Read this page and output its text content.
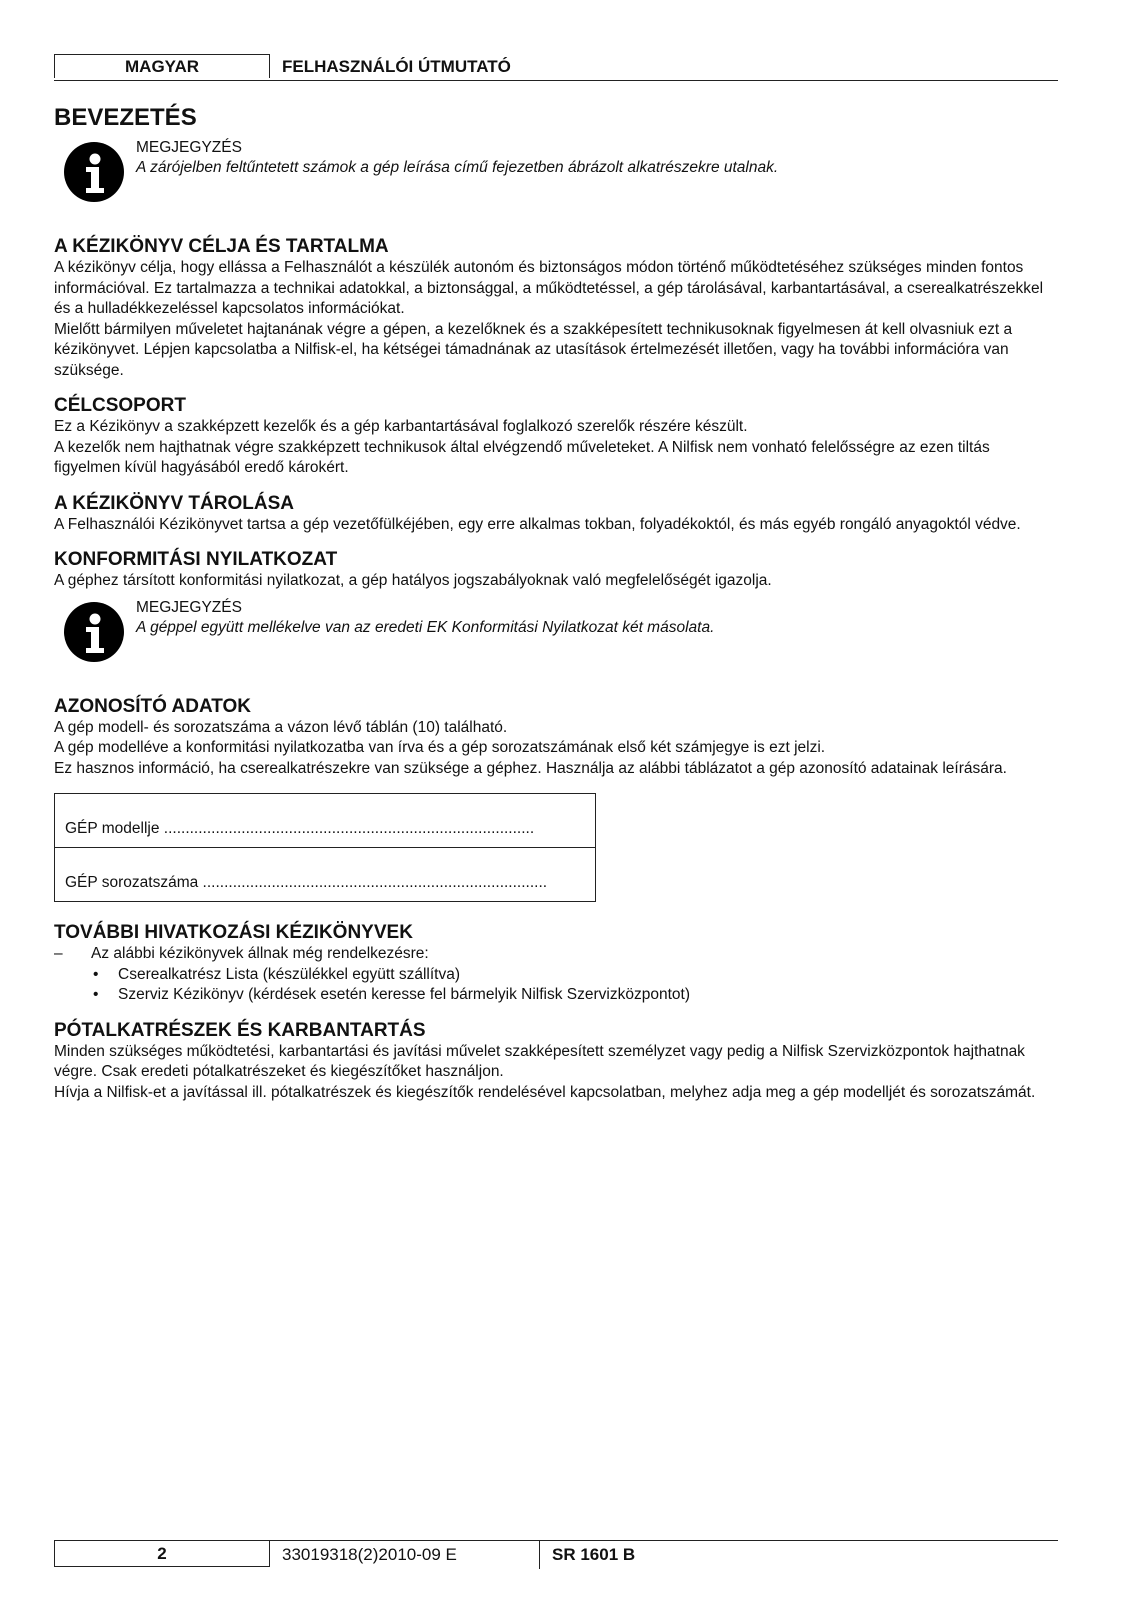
MAGYAR	FELHASZNÁLÓI ÚTMUTATÓ
BEVEZETÉS
MEGJEGYZÉS
A zárójelben feltűntetett számok a gép leírása című fejezetben ábrázolt alkatrészekre utalnak.
A KÉZIKÖNYV CÉLJA ÉS TARTALMA

A kézikönyv célja, hogy ellássa a Felhasználót a készülék autonóm és biztonságos módon történő működtetéséhez szükséges minden fontos információval. Ez tartalmazza a technikai adatokkal, a biztonsággal, a működtetéssel, a gép tárolásával, karbantartásával, a cserealkatrészekkel és a hulladékkezeléssel kapcsolatos információkat.

Mielőtt bármilyen műveletet hajtanának végre a gépen, a kezelőknek és a szakképesített technikusoknak figyelmesen át kell olvasniuk ezt a kézikönyvet. Lépjen kapcsolatba a Nilfisk-el, ha kétségei támadnának az utasítások értelmezését illetően, vagy ha további információra van szüksége.

CÉLCSOPORT

Ez a Kézikönyv a szakképzett kezelők és a gép karbantartásával foglalkozó szerelők részére készült.

A kezelők nem hajthatnak végre szakképzett technikusok által elvégzendő műveleteket. A Nilfisk nem vonható felelősségre az ezen tiltás figyelmen kívül hagyásából eredő károkért.

A KÉZIKÖNYV TÁROLÁSA

A Felhasználói Kézikönyvet tartsa a gép vezetőfülkéjében, egy erre alkalmas tokban, folyadékoktól, és más egyéb rongáló anyagoktól védve.

KONFORMITÁSI NYILATKOZAT

A géphez társított konformitási nyilatkozat, a gép hatályos jogszabályoknak való megfelelőségét igazolja.

MEGJEGYZÉS
A géppel együtt mellékelve van az eredeti EK Konformitási Nyilatkozat két másolata.
AZONOSÍTÓ ADATOK

A gép modell- és sorozatszáma a vázon lévő táblán (10) található.

A gép modelléve a konformitási nyilatkozatba van írva és a gép sorozatszámának első két számjegye is ezt jelzi.

Ez hasznos információ, ha cserealkatrészekre van szüksége a géphez. Használja az alábbi táblázatot a gép azonosító adatainak leírására.

GÉP modellje ......................................................................................
GÉP sorozatszáma ................................................................................
TOVÁBBI HIVATKOZÁSI KÉZIKÖNYVEK
– Az alábbi kézikönyvek állnak még rendelkezésre:
• Cserealkatrész Lista (készülékkel együtt szállítva)
• Szerviz Kézikönyv (kérdések esetén keresse fel bármelyik Nilfisk Szervizközpontot)
PÓTALKATRÉSZEK ÉS KARBANTARTÁS

Minden szükséges működtetési, karbantartási és javítási művelet szakképesített személyzet vagy pedig a Nilfisk Szervizközpontok hajthatnak végre. Csak eredeti pótalkatrészeket és kiegészítőket használjon.

Hívja a Nilfisk-et a javítással ill. pótalkatrészek és kiegészítők rendelésével kapcsolatban, melyhez adja meg a gép modelljét és sorozatszámát.

2	33019318(2)2010-09 E	SR 1601 B
